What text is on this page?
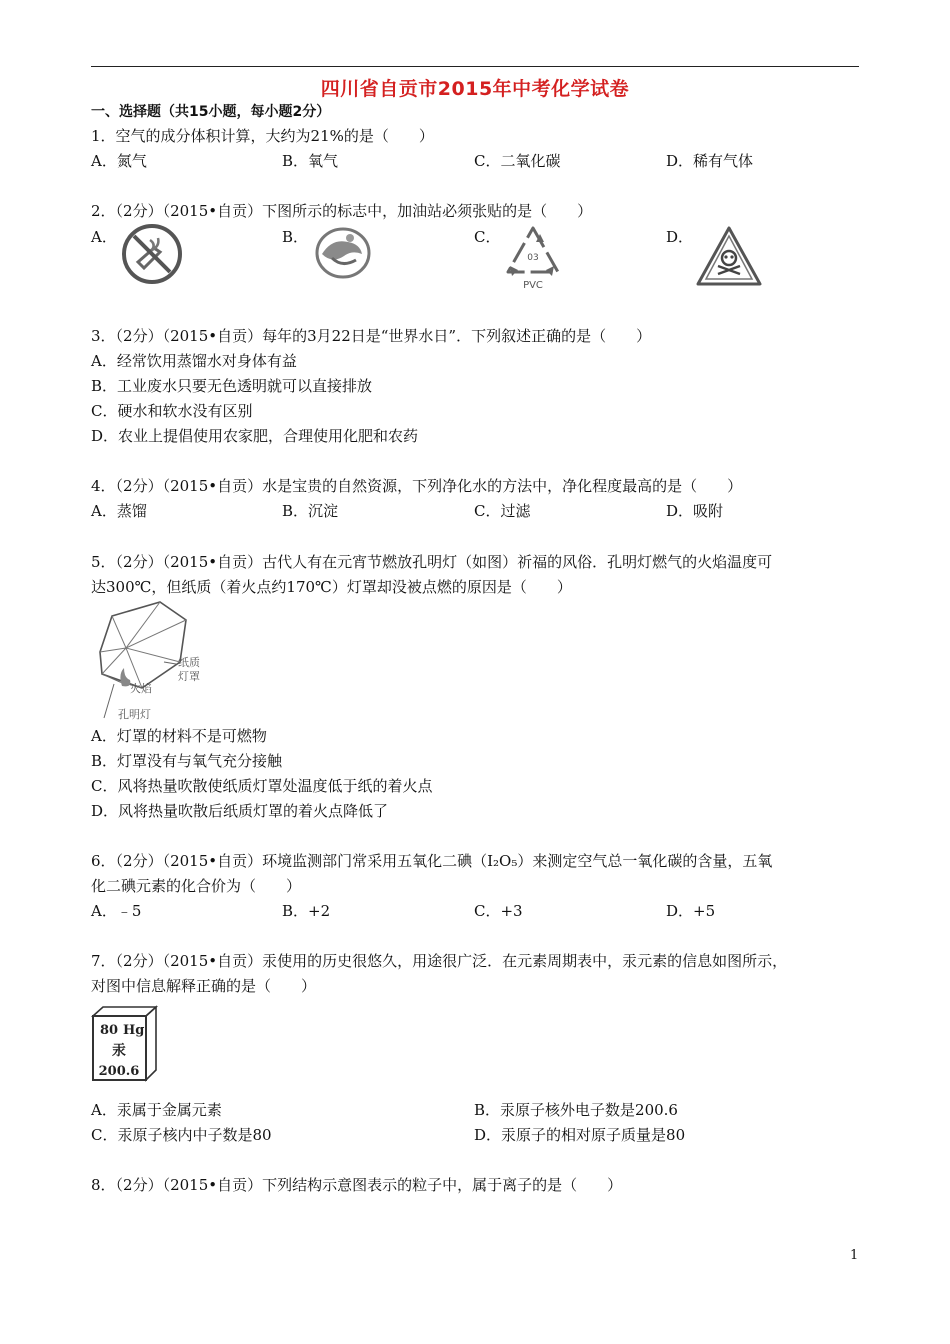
四川省自贡市2015年中考化学试卷
一、选择题（共15小题，每小题2分）
1．空气的成分体积计算，大约为21%的是（　　）
A．氮气	B．氧气	C．二氧化碳	D．稀有气体
2．（2分）（2015•自贡）下图所示的标志中，加油站必须张贴的是（　　）
A．	B．	C．	D．
03
PVC
3．（2分）（2015•自贡）每年的3月22日是“世界水日”．下列叙述正确的是（　　）
A．经常饮用蒸馏水对身体有益
B．工业废水只要无色透明就可以直接排放
C．硬水和软水没有区别
D．农业上提倡使用农家肥，合理使用化肥和农药
4．（2分）（2015•自贡）水是宝贵的自然资源，下列净化水的方法中，净化程度最高的是（　　）
A．蒸馏	B．沉淀	C．过滤	D．吸附
5．（2分）（2015•自贡）古代人有在元宵节燃放孔明灯（如图）祈福的风俗．孔明灯燃气的火焰温度可
达300℃，但纸质（着火点约170℃）灯罩却没被点燃的原因是（　　）
纸质
灯罩
火焰
孔明灯
A．灯罩的材料不是可燃物
B．灯罩没有与氧气充分接触
C．风将热量吹散使纸质灯罩处温度低于纸的着火点
D．风将热量吹散后纸质灯罩的着火点降低了
6．（2分）（2015•自贡）环境监测部门常采用五氧化二碘（I₂O₅）来测定空气总一氧化碳的含量，五氧
化二碘元素的化合价为（　　）
A．﹣5	B．+2	C．+3	D．+5
7．（2分）（2015•自贡）汞使用的历史很悠久，用途很广泛．在元素周期表中，汞元素的信息如图所示，
对图中信息解释正确的是（　　）
80 Hg
汞
200.6
A．汞属于金属元素	B．汞原子核外电子数是200.6
C．汞原子核内中子数是80	D．汞原子的相对原子质量是80
8．（2分）（2015•自贡）下列结构示意图表示的粒子中，属于离子的是（　　）
1
